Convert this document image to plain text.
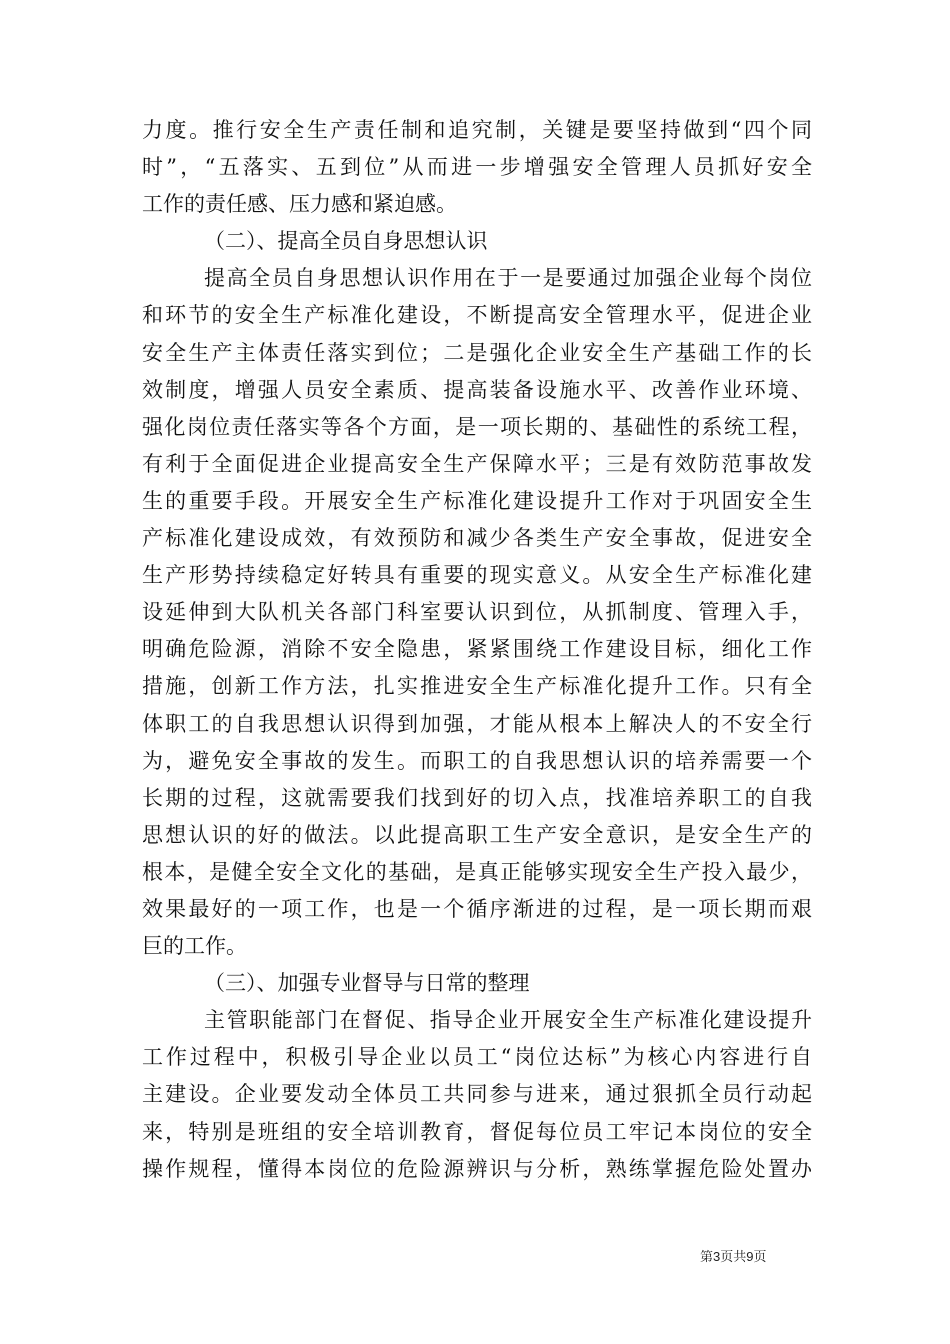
力度。推行安全生产责任制和追究制，关键是要坚持做到“四个同
时”，“五落实、五到位”从而进一步增强安全管理人员抓好安全
工作的责任感、压力感和紧迫感。
（二）、提高全员自身思想认识
提高全员自身思想认识作用在于一是要通过加强企业每个岗位
和环节的安全生产标准化建设，不断提高安全管理水平，促进企业
安全生产主体责任落实到位；二是强化企业安全生产基础工作的长
效制度，增强人员安全素质、提高装备设施水平、改善作业环境、
强化岗位责任落实等各个方面，是一项长期的、基础性的系统工程，
有利于全面促进企业提高安全生产保障水平；三是有效防范事故发
生的重要手段。开展安全生产标准化建设提升工作对于巩固安全生
产标准化建设成效，有效预防和减少各类生产安全事故，促进安全
生产形势持续稳定好转具有重要的现实意义。从安全生产标准化建
设延伸到大队机关各部门科室要认识到位，从抓制度、管理入手，
明确危险源，消除不安全隐患，紧紧围绕工作建设目标，细化工作
措施，创新工作方法，扎实推进安全生产标准化提升工作。只有全
体职工的自我思想认识得到加强，才能从根本上解决人的不安全行
为，避免安全事故的发生。而职工的自我思想认识的培养需要一个
长期的过程，这就需要我们找到好的切入点，找准培养职工的自我
思想认识的好的做法。以此提高职工生产安全意识，是安全生产的
根本，是健全安全文化的基础，是真正能够实现安全生产投入最少，
效果最好的一项工作，也是一个循序渐进的过程，是一项长期而艰
巨的工作。
（三）、加强专业督导与日常的整理
主管职能部门在督促、指导企业开展安全生产标准化建设提升
工作过程中，积极引导企业以员工“岗位达标”为核心内容进行自
主建设。企业要发动全体员工共同参与进来，通过狠抓全员行动起
来，特别是班组的安全培训教育，督促每位员工牢记本岗位的安全
操作规程，懂得本岗位的危险源辨识与分析，熟练掌握危险处置办
第3页共9页
